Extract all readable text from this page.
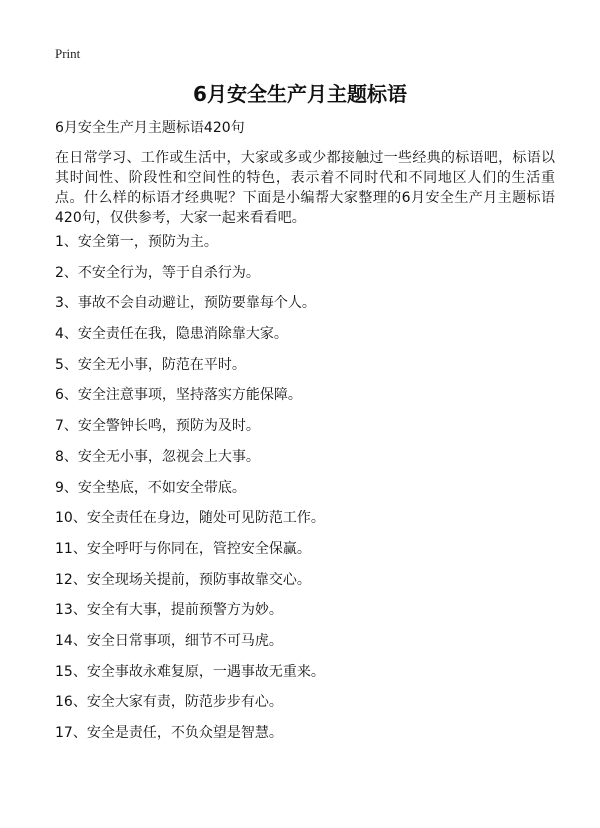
Print
6月安全生产月主题标语

6月安全生产月主题标语420句

在日常学习、工作或生活中，大家或多或少都接触过一些经典的标语吧，标语以其时间性、阶段性和空间性的特色，表示着不同时代和不同地区人们的生活重点。什么样的标语才经典呢？下面是小编帮大家整理的6月安全生产月主题标语420句，仅供参考，大家一起来看看吧。

1、安全第一，预防为主。
2、不安全行为，等于自杀行为。
3、事故不会自动避让，预防要靠每个人。
4、安全责任在我，隐患消除靠大家。
5、安全无小事，防范在平时。
6、安全注意事项，坚持落实方能保障。
7、安全警钟长鸣，预防为及时。
8、安全无小事，忽视会上大事。
9、安全垫底，不如安全带底。
10、安全责任在身边，随处可见防范工作。
11、安全呼吁与你同在，管控安全保赢。
12、安全现场关提前，预防事故靠交心。
13、安全有大事，提前预警方为妙。
14、安全日常事项，细节不可马虎。
15、安全事故永难复原，一遇事故无重来。
16、安全大家有责，防范步步有心。
17、安全是责任，不负众望是智慧。
